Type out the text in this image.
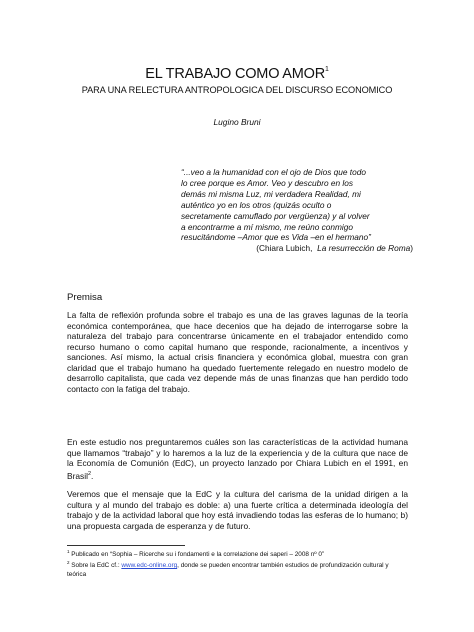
EL TRABAJO COMO AMOR$^1$
PARA UNA RELECTURA ANTROPOLOGICA DEL DISCURSO ECONOMICO
Lugino Bruni
“...veo a la humanidad con el ojo de Dios que todo
lo cree porque es Amor. Veo y descubro en los
demás mi misma Luz, mi verdadera Realidad, mi
auténtico yo en los otros (quizás oculto o
secretamente camuflado por vergüenza) y al volver
a encontrarme a mí mismo, me reúno conmigo
resucitándome –Amor que es Vida –en el hermano”
(Chiara Lubich, La resurrección de Roma)
Premisa
La falta de reflexión profunda sobre el trabajo es una de las graves lagunas de la teoría económica contemporánea, que hace decenios que ha dejado de interrogarse sobre la naturaleza del trabajo para concentrarse únicamente en el trabajador entendido como recurso humano o como capital humano que responde, racionalmente, a incentivos y sanciones. Así mismo, la actual crisis financiera y económica global, muestra con gran claridad que el trabajo humano ha quedado fuertemente relegado en nuestro modelo de desarrollo capitalista, que cada vez depende más de unas finanzas que han perdido todo contacto con la fatiga del trabajo.
En este estudio nos preguntaremos cuáles son las características de la actividad humana que llamamos “trabajo” y lo haremos a la luz de la experiencia y de la cultura que nace de la Economía de Comunión (EdC), un proyecto lanzado por Chiara Lubich en el 1991, en Brasil$^2$.
Veremos que el mensaje que la EdC y la cultura del carisma de la unidad dirigen a la cultura y al mundo del trabajo es doble: a) una fuerte crítica a determinada ideología del trabajo y de la actividad laboral que hoy está invadiendo todas las esferas de lo humano; b) una propuesta cargada de esperanza y de futuro.
$^1$ Publicado en “Sophia – Ricerche su i fondamenti e la correlazione dei saperi – 2008 nº 0”
$^2$ Sobre la EdC cf.: www.edc-online.org, donde se pueden encontrar también estudios de profundización cultural y teórica
